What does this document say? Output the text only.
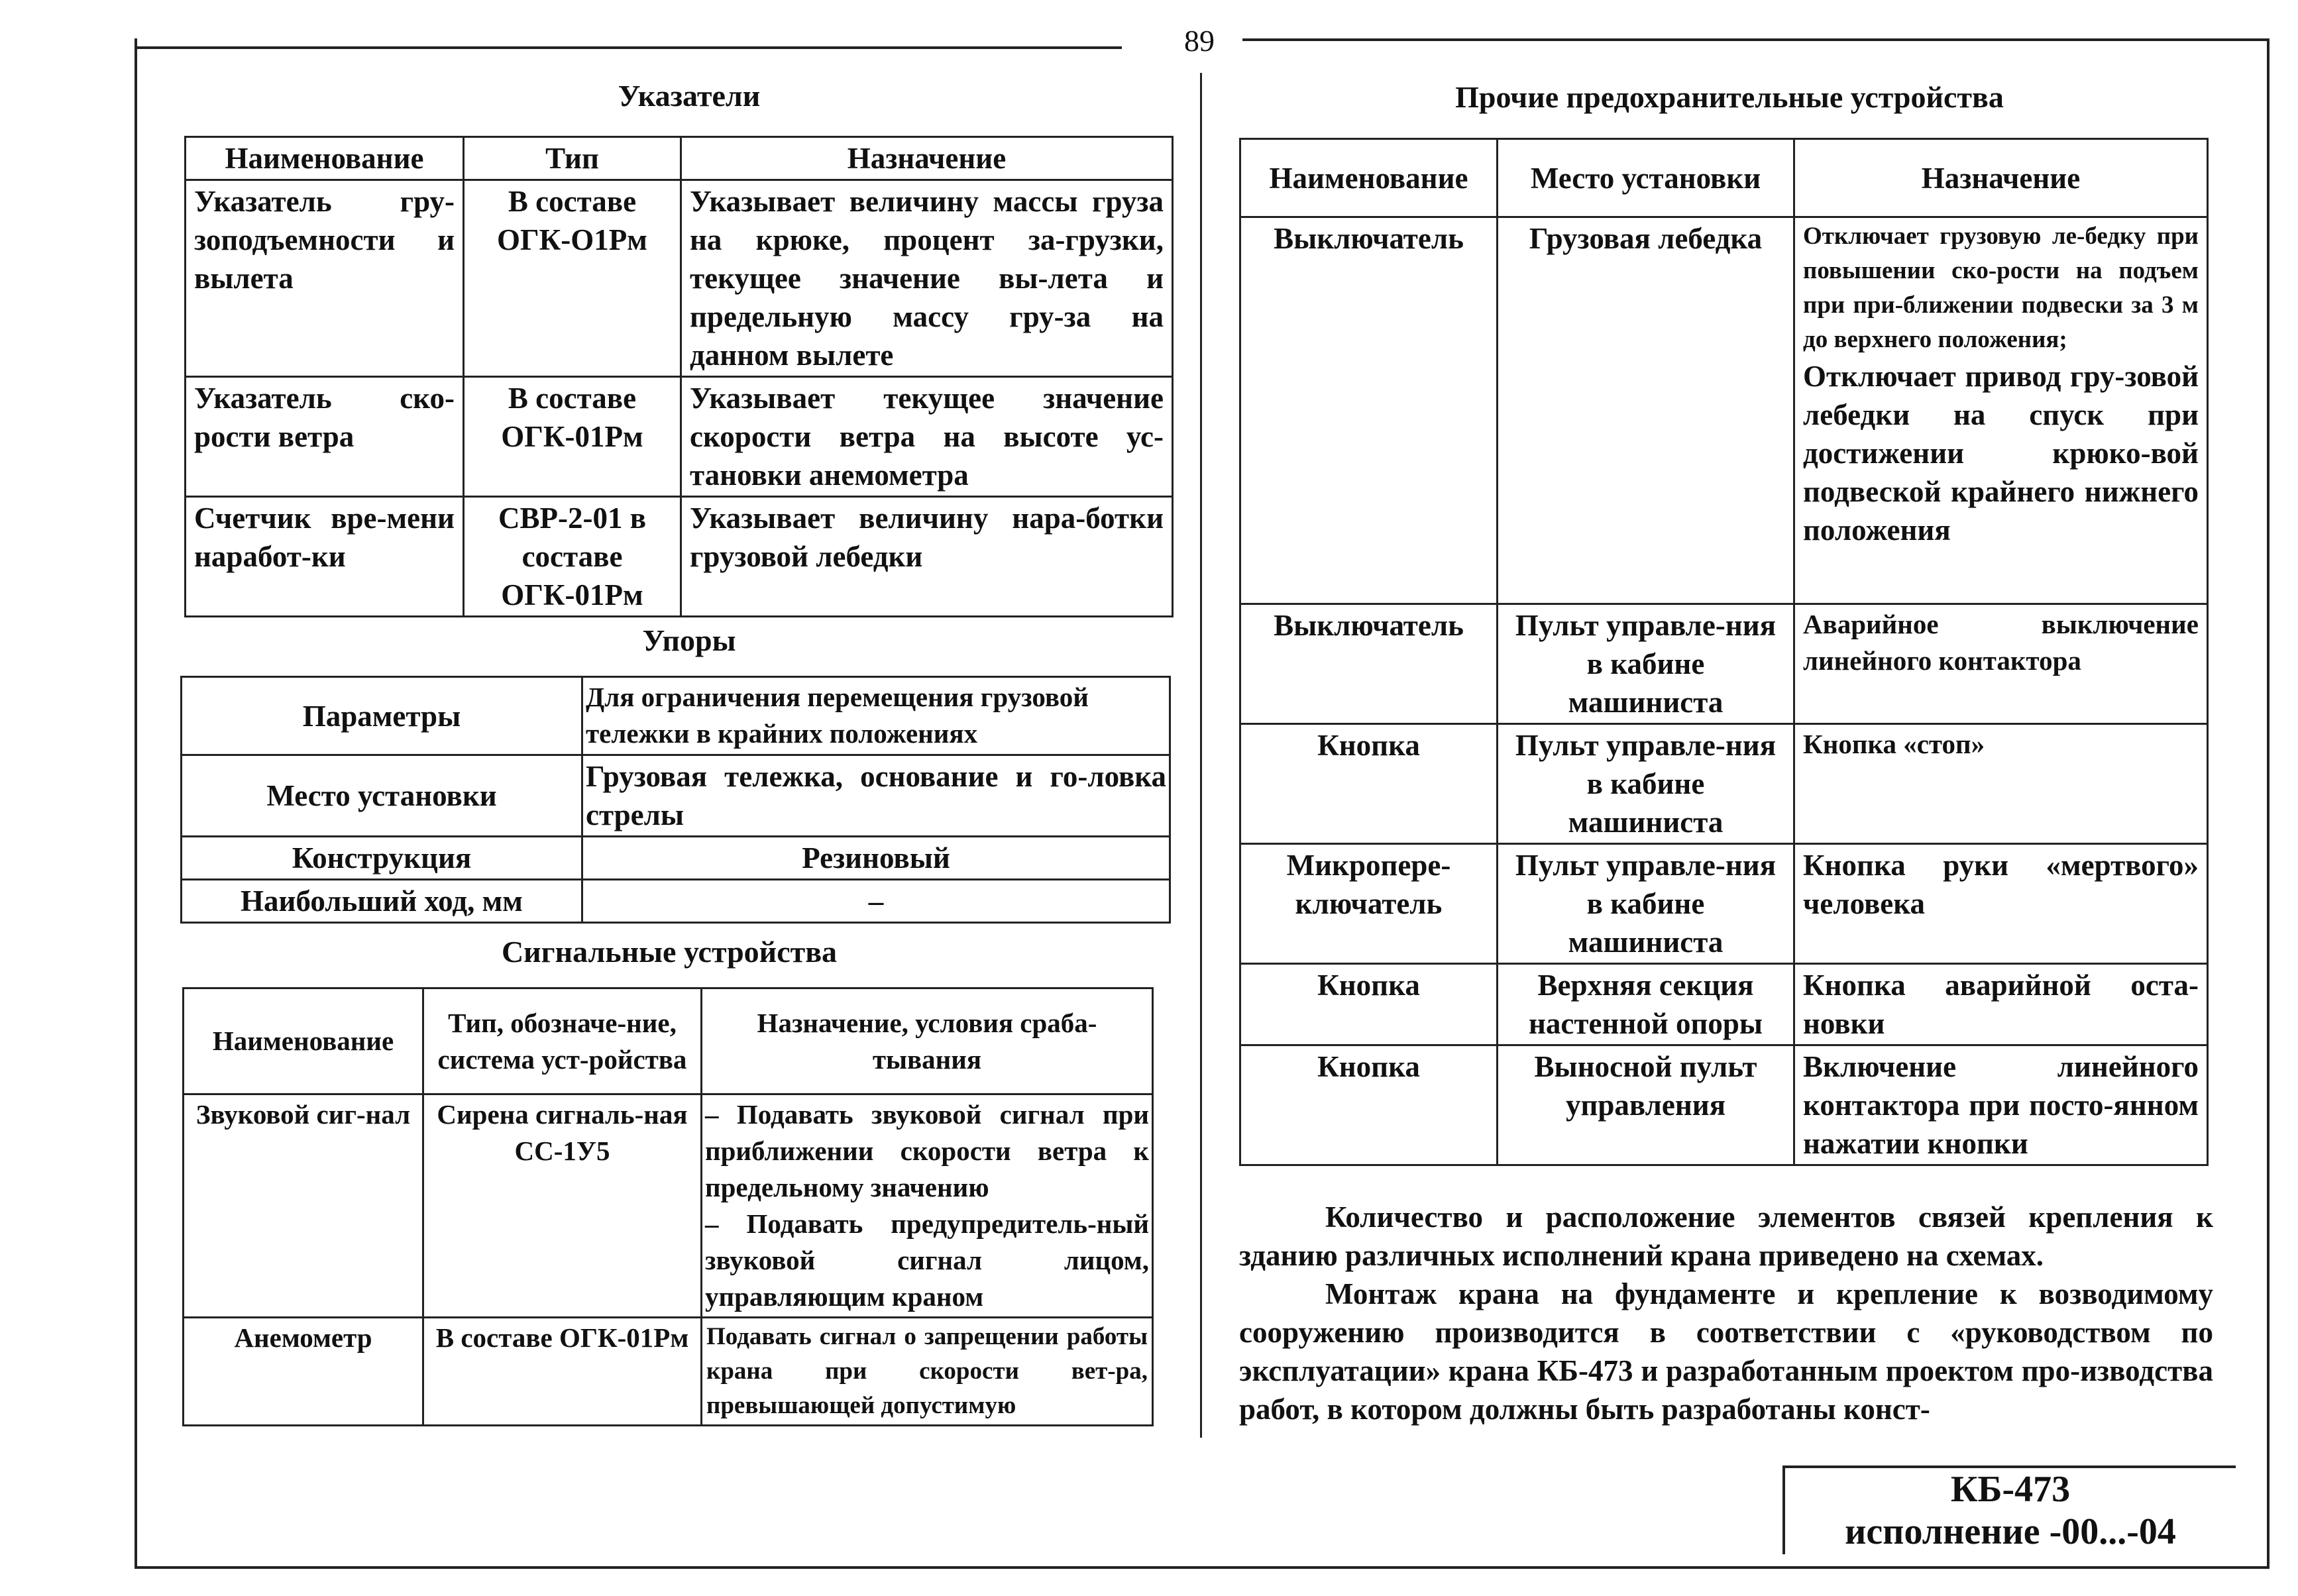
89
Указатели
Наименование	Тип	Назначение
Указатель гру-зоподъемности и вылета	В составе ОГК-О1Рм	Указывает величину массы груза на крюке, процент за-грузки, текущее значение вы-лета и предельную массу гру-за на данном вылете
Указатель ско-рости ветра	В составе ОГК-01Рм	Указывает текущее значение скорости ветра на высоте ус-тановки анемометра
Счетчик вре-мени наработ-ки	СВР-2-01 в составе ОГК-01Рм	Указывает величину нара-ботки грузовой лебедки
Упоры
Параметры	Для ограничения перемещения грузовой тележки в крайних положениях
Место установки	Грузовая тележка, основание и го-ловка стрелы
Конструкция	Резиновый
Наибольший ход, мм	–
Сигнальные устройства
Наименование	Тип, обозначе-ние, система уст-ройства	Назначение, условия сраба-тывания
Звуковой сиг-нал	Сирена сигналь-ная СС-1У5	– Подавать звуковой сигнал при приближении скорости ветра к предельному значению
– Подавать предупредитель-ный звуковой сигнал лицом, управляющим краном

Анемометр	В составе ОГК-01Рм	Подавать сигнал о запрещении работы крана при скорости вет-ра, превышающей допустимую
Прочие предохранительные устройства
Наименование	Место установки	Назначение
Выключатель	Грузовая лебедка	Отключает грузовую ле-бедку при повышении ско-рости на подъем при при-ближении подвески за 3 м до верхнего положения;
Отключает привод гру-зовой лебедки на спуск при достижении крюко-вой подвеской крайнего нижнего положения

Выключатель	Пульт управле-ния в кабине машиниста	Аварийное выключение линейного контактора
Кнопка	Пульт управле-ния в кабине машиниста	Кнопка «стоп»
Микропере-ключатель	Пульт управле-ния в кабине машиниста	Кнопка руки «мертвого» человека
Кнопка	Верхняя секция настенной опоры	Кнопка аварийной оста-новки
Кнопка	Выносной пульт управления	Включение линейного контактора при посто-янном нажатии кнопки
Количество и расположение элементов связей крепления к зданию различных исполнений крана приведено на схемах.
Монтаж крана на фундаменте и крепление к возводимому сооружению производится в соответствии с «руководством по эксплуатации» крана КБ-473 и разработанным проектом про-изводства работ, в котором должны быть разработаны конст-
КБ-473
исполнение -00...-04
